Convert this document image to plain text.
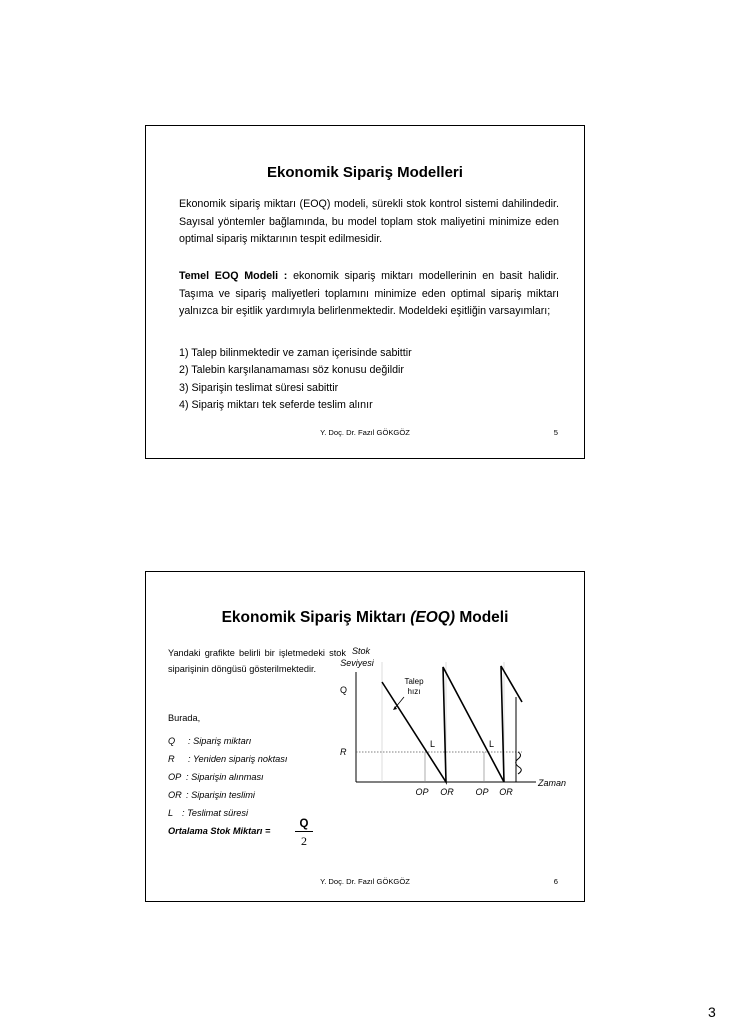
Ekonomik Sipariş Modelleri
Ekonomik sipariş miktarı (EOQ) modeli, sürekli stok kontrol sistemi dahilindedir. Sayısal yöntemler bağlamında, bu model toplam stok maliyetini minimize eden optimal sipariş miktarının tespit edilmesidir.
Temel EOQ Modeli : ekonomik sipariş miktarı modellerinin en basit halidir. Taşıma ve sipariş maliyetleri toplamını minimize eden optimal sipariş miktarı yalnızca bir eşitlik yardımıyla belirlenmektedir. Modeldeki eşitliğin varsayımları;
1) Talep bilinmektedir ve zaman içerisinde sabittir
2) Talebin karşılanamaması söz konusu değildir
3) Siparişin teslimat süresi sabittir
4) Sipariş miktarı tek seferde teslim alınır
Y. Doç. Dr. Fazıl GÖKGÖZ	5
Ekonomik Sipariş Miktarı (EOQ) Modeli
Yandaki grafikte belirli bir işletmedeki stok siparişinin döngüsü gösterilmektedir.
Burada,
Q : Sipariş miktarı
R : Yeniden sipariş noktası
OP : Siparişin alınması
OR : Siparişin teslimi
L : Teslimat süresi
Ortalama Stok Miktarı =
Q
2
Stok
Seviyesi
Q
R
Talep
hızı
L	L
OP OR OP OR
Zaman
Y. Doç. Dr. Fazıl GÖKGÖZ	6
3
